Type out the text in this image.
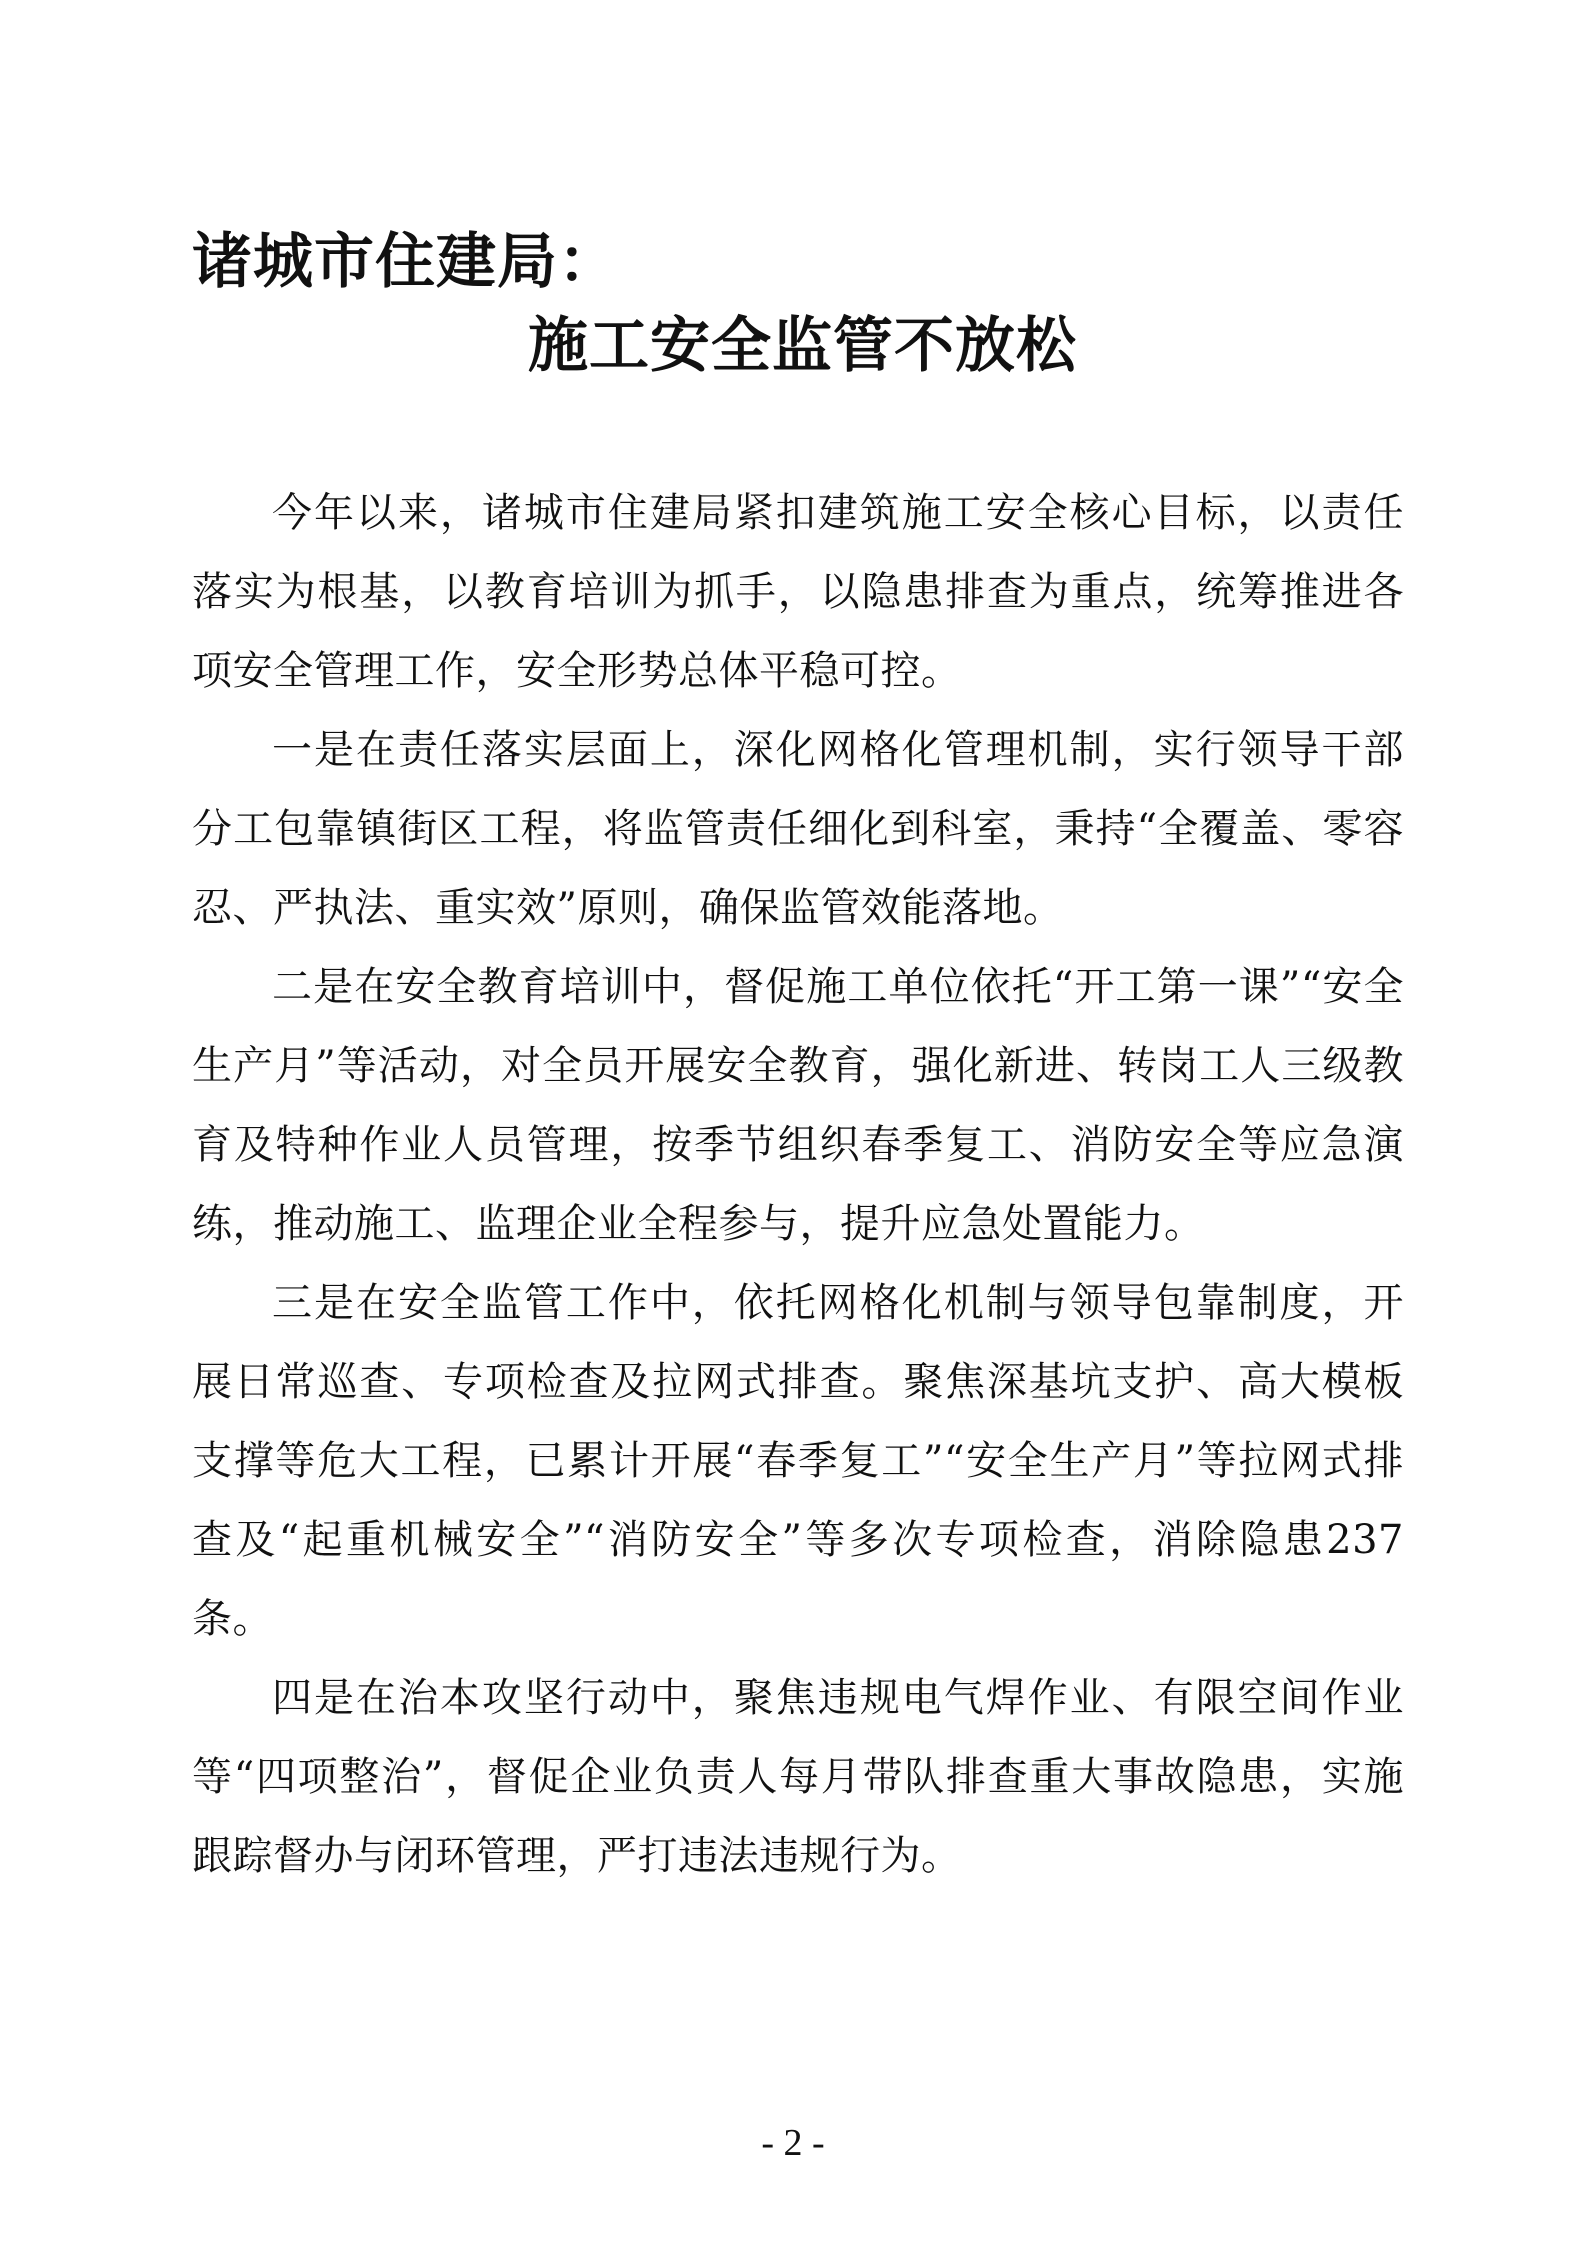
诸城市住建局：
施工安全监管不放松

今年以来，诸城市住建局紧扣建筑施工安全核心目标，以责任落实为根基，以教育培训为抓手，以隐患排查为重点，统筹推进各项安全管理工作，安全形势总体平稳可控。

一是在责任落实层面上，深化网格化管理机制，实行领导干部分工包靠镇街区工程，将监管责任细化到科室，秉持“全覆盖、零容忍、严执法、重实效”原则，确保监管效能落地。

二是在安全教育培训中，督促施工单位依托“开工第一课”“安全生产月”等活动，对全员开展安全教育，强化新进、转岗工人三级教育及特种作业人员管理，按季节组织春季复工、消防安全等应急演练，推动施工、监理企业全程参与，提升应急处置能力。

三是在安全监管工作中，依托网格化机制与领导包靠制度，开展日常巡查、专项检查及拉网式排查。聚焦深基坑支护、高大模板支撑等危大工程，已累计开展“春季复工”“安全生产月”等拉网式排查及“起重机械安全”“消防安全”等多次专项检查，消除隐患237条。

四是在治本攻坚行动中，聚焦违规电气焊作业、有限空间作业等“四项整治”，督促企业负责人每月带队排查重大事故隐患，实施跟踪督办与闭环管理，严打违法违规行为。

- 2 -
